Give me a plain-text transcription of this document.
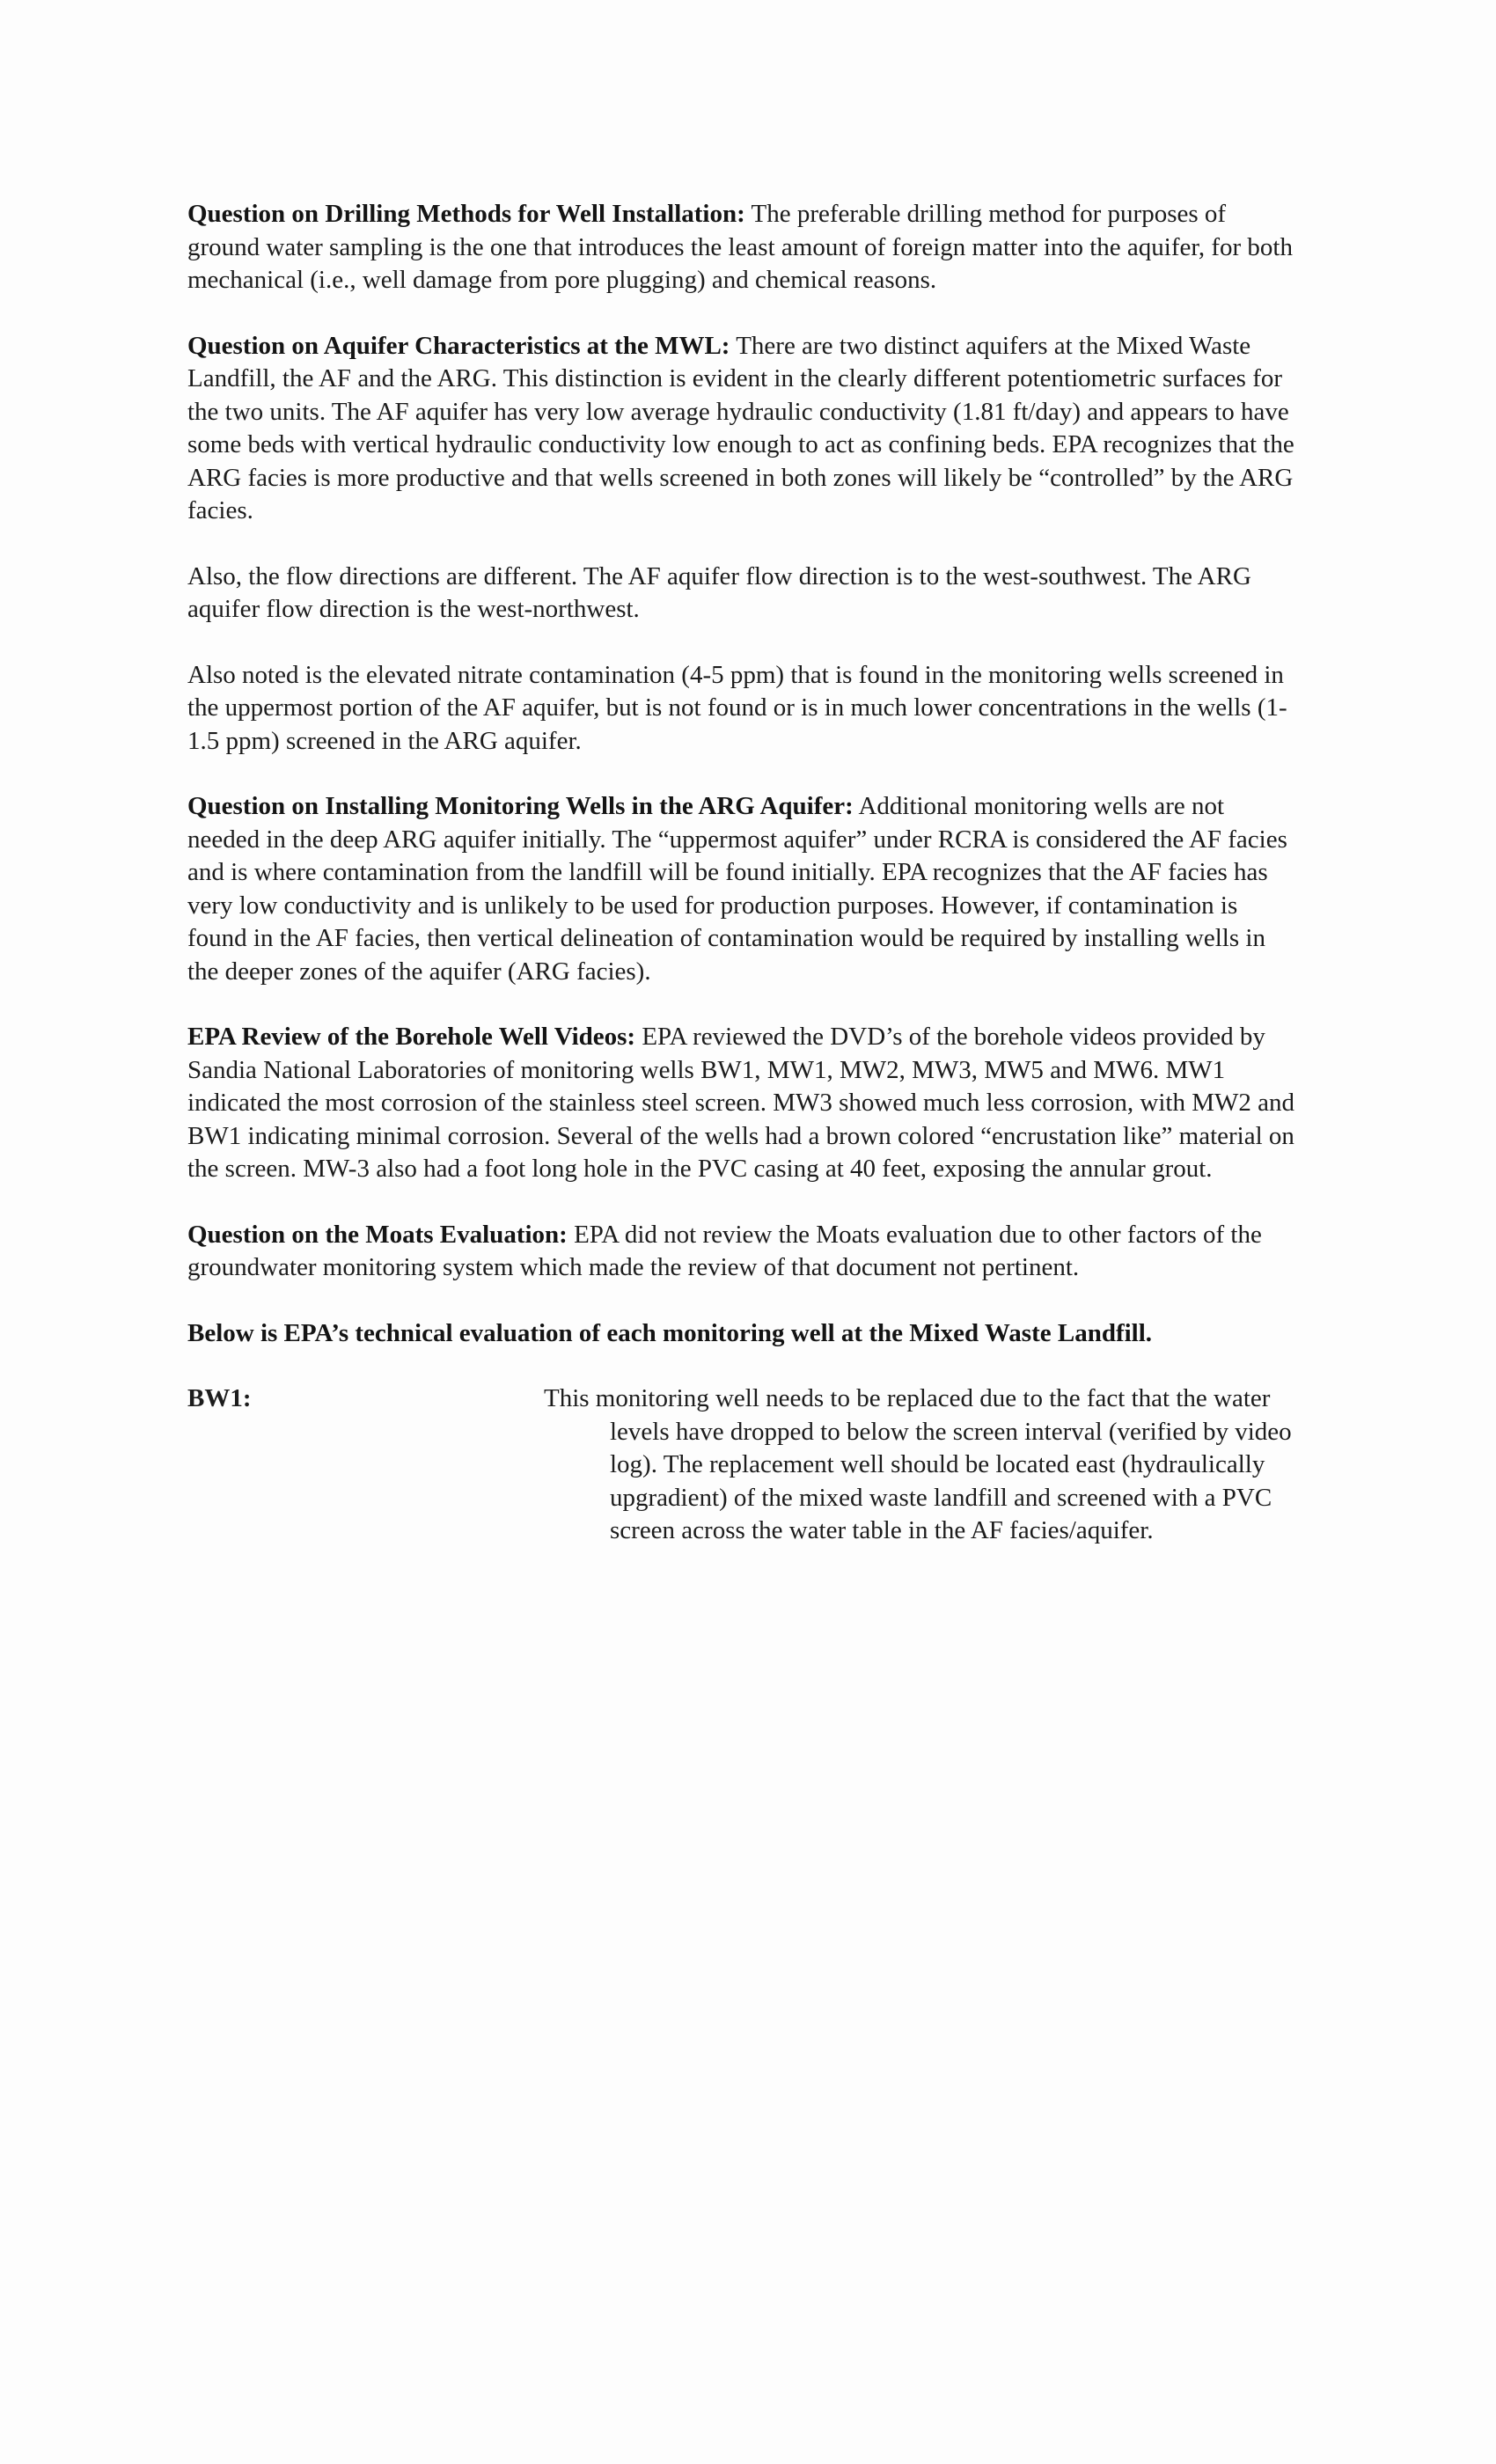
Question on Drilling Methods for Well Installation: The preferable drilling method for purposes of ground water sampling is the one that introduces the least amount of foreign matter into the aquifer, for both mechanical (i.e., well damage from pore plugging) and chemical reasons.

Question on Aquifer Characteristics at the MWL: There are two distinct aquifers at the Mixed Waste Landfill, the AF and the ARG. This distinction is evident in the clearly different potentiometric surfaces for the two units. The AF aquifer has very low average hydraulic conductivity (1.81 ft/day) and appears to have some beds with vertical hydraulic conductivity low enough to act as confining beds. EPA recognizes that the ARG facies is more productive and that wells screened in both zones will likely be “controlled” by the ARG facies.

Also, the flow directions are different. The AF aquifer flow direction is to the west-southwest. The ARG aquifer flow direction is the west-northwest.

Also noted is the elevated nitrate contamination (4-5 ppm) that is found in the monitoring wells screened in the uppermost portion of the AF aquifer, but is not found or is in much lower concentrations in the wells (1-1.5 ppm) screened in the ARG aquifer.

Question on Installing Monitoring Wells in the ARG Aquifer: Additional monitoring wells are not needed in the deep ARG aquifer initially. The “uppermost aquifer” under RCRA is considered the AF facies and is where contamination from the landfill will be found initially. EPA recognizes that the AF facies has very low conductivity and is unlikely to be used for production purposes. However, if contamination is found in the AF facies, then vertical delineation of contamination would be required by installing wells in the deeper zones of the aquifer (ARG facies).

EPA Review of the Borehole Well Videos: EPA reviewed the DVD’s of the borehole videos provided by Sandia National Laboratories of monitoring wells BW1, MW1, MW2, MW3, MW5 and MW6. MW1 indicated the most corrosion of the stainless steel screen. MW3 showed much less corrosion, with MW2 and BW1 indicating minimal corrosion. Several of the wells had a brown colored “encrustation like” material on the screen. MW-3 also had a foot long hole in the PVC casing at 40 feet, exposing the annular grout.

Question on the Moats Evaluation: EPA did not review the Moats evaluation due to other factors of the groundwater monitoring system which made the review of that document not pertinent.

Below is EPA’s technical evaluation of each monitoring well at the Mixed Waste Landfill.

BW1:	This monitoring well needs to be replaced due to the fact that the water levels have dropped to below the screen interval (verified by video log). The replacement well should be located east (hydraulically upgradient) of the mixed waste landfill and screened with a PVC screen across the water table in the AF facies/aquifer.
